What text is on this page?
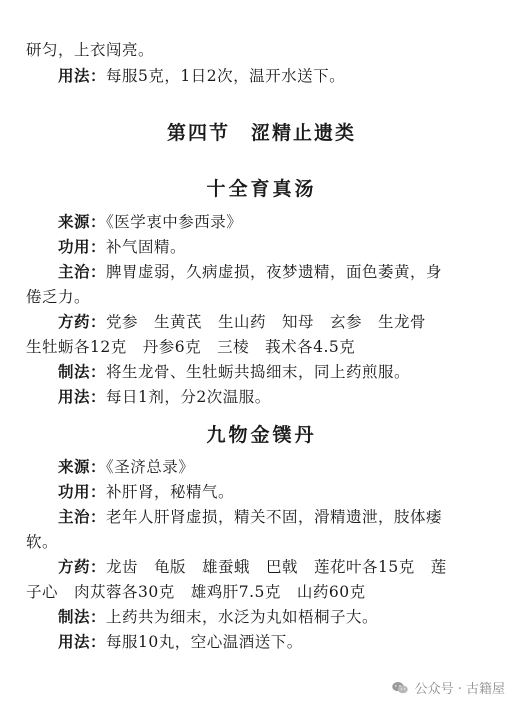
研匀，上衣闯亮。
用法：每服5克，1日2次，温开水送下。
第四节　涩精止遗类
十全育真汤
来源：《医学衷中参西录》
功用：补气固精。
主治：脾胃虚弱，久病虚损，夜梦遗精，面色萎黄，身
倦乏力。
方药：党参　生黄芪　生山药　知母　玄参　生龙骨
生牡蛎各12克　丹参6克　三棱　莪术各4.5克
制法：将生龙骨、生牡蛎共捣细末，同上药煎服。
用法：每日1剂，分2次温服。
九物金镤丹
来源：《圣济总录》
功用：补肝肾，秘精气。
主治：老年人肝肾虚损，精关不固，滑精遗泄，肢体痿
软。
方药：龙齿　龟版　雄蚕蛾　巴戟　莲花叶各15克　莲
子心　肉苁蓉各30克　雄鸡肝7.5克　山药60克
制法：上药共为细末，水泛为丸如梧桐子大。
用法：每服10丸，空心温酒送下。
公众号 · 古籍屋
